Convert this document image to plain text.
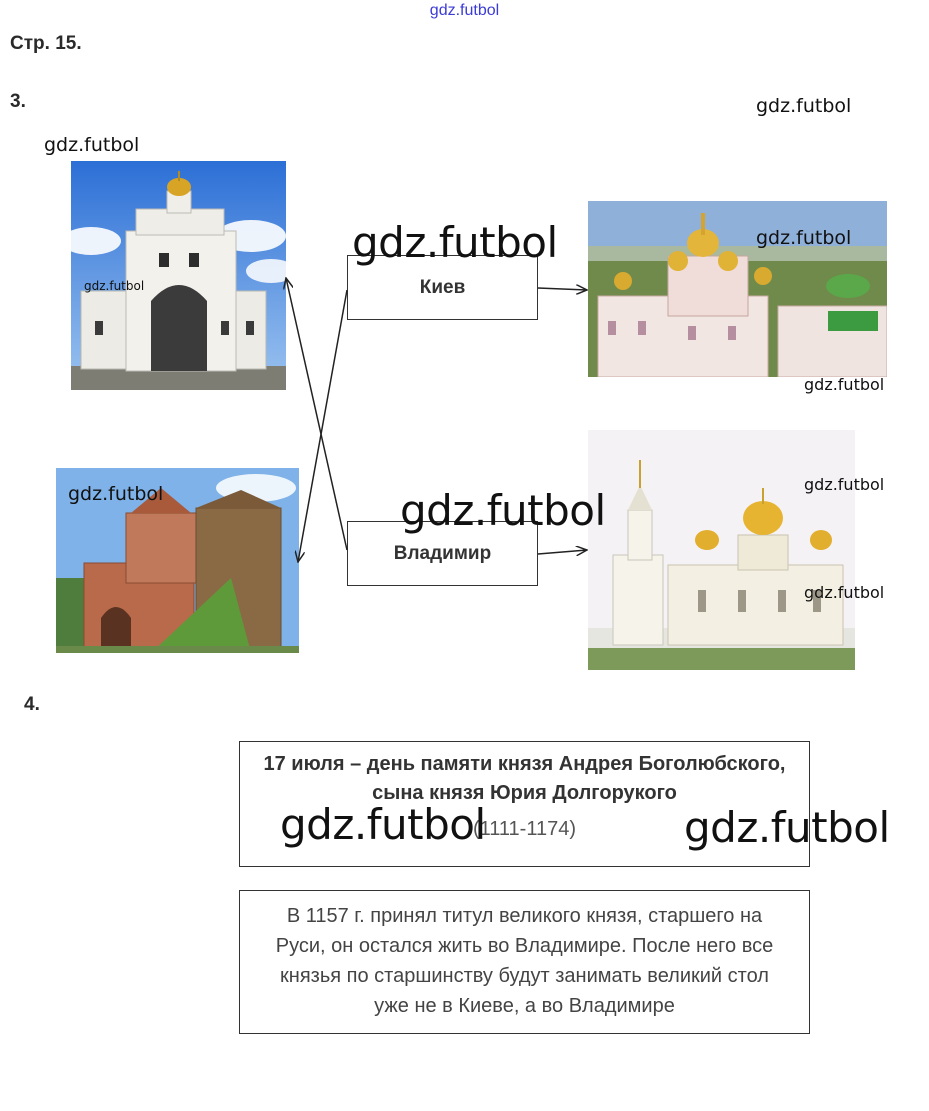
gdz.futbol
Стр. 15.
3.
Киев
Владимир
4.
17 июля – день памяти князя Андрея Боголюбского, сына князя Юрия Долгорукого
(1111-1174)
В 1157 г. принял титул великого князя, старшего на Руси, он остался жить во Владимире. После него все князья по старшинству будут занимать великий стол уже не в Киеве, а во Владимире
gdz.futbol
gdz.futbol
gdz.futbol	gdz.futbol
gdz.futbol
gdz.futbol
gdz.futbol
gdz.futbol	gdz.futbol
gdz.futbol
gdz.futbol	gdz.futbol
